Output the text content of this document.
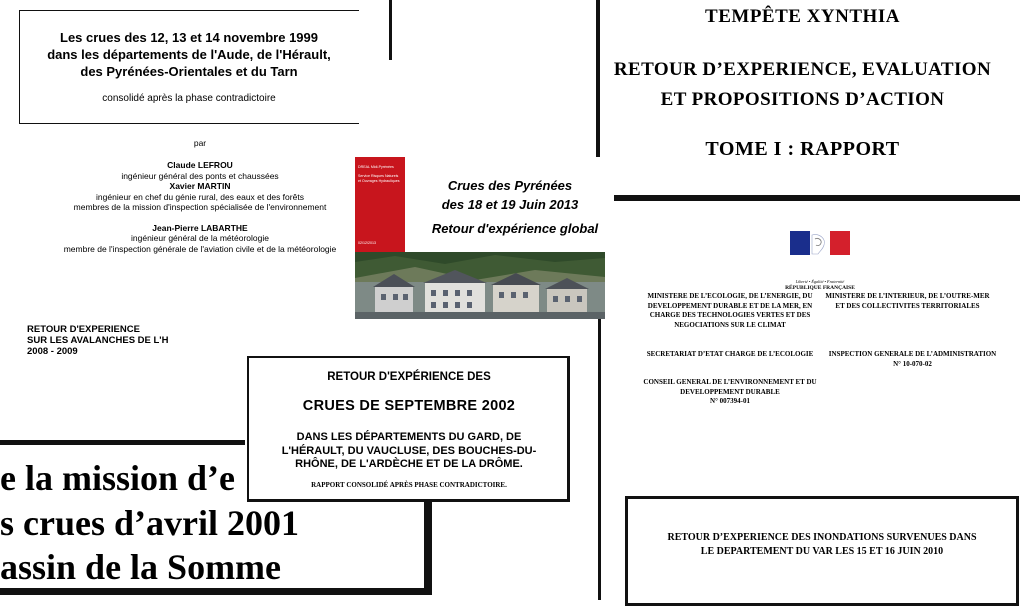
TEMPÊTE XYNTHIA
RETOUR D’EXPERIENCE, EVALUATION
ET PROPOSITIONS D’ACTION
TOME I : RAPPORT
Liberté • Égalité • Fraternité
RÉPUBLIQUE FRANÇAISE
MINISTERE DE L’ECOLOGIE, DE L’ENERGIE, DU DEVELOPPEMENT DURABLE ET DE LA MER, EN CHARGE DES TECHNOLOGIES VERTES ET DES NEGOCIATIONS SUR LE CLIMAT
MINISTERE DE L’INTERIEUR, DE L’OUTRE-MER ET DES COLLECTIVITES TERRITORIALES
SECRETARIAT D’ETAT CHARGE DE L’ECOLOGIE	INSPECTION GENERALE DE L’ADMINISTRATION
N° 10-070-02
CONSEIL GENERAL DE L’ENVIRONNEMENT ET DU
DEVELOPPEMENT DURABLE
N° 007394-01
RETOUR D’EXPERIENCE DES INONDATIONS SURVENUES DANS
LE DEPARTEMENT DU VAR LES 15 ET 16 JUIN 2010
Les crues des 12, 13 et 14 novembre 1999
dans les départements de l'Aude, de l'Hérault,
des Pyrénées-Orientales et du Tarn
consolidé après la phase contradictoire
par
Claude LEFROU
ingénieur général des ponts et chaussées
Xavier MARTIN
ingénieur en chef du génie rural, des eaux et des forêts
membres de la mission d'inspection spécialisée de l'environnement
Jean-Pierre LABARTHE
ingénieur général de la météorologie
membre de l'inspection générale de l'aviation civile et de la météorologie
RETOUR D'EXPERIENCE
SUR LES AVALANCHES DE L'H
2008 - 2009
DREAL Midi-Pyrénées
Service Risques Naturels
et Ouvrages Hydrauliques
02/12/2013
Crues des Pyrénées
des 18 et 19 Juin 2013
Retour d'expérience global
RETOUR D'EXPÉRIENCE DES
CRUES DE SEPTEMBRE 2002
DANS LES DÉPARTEMENTS DU GARD, DE
L'HÉRAULT, DU VAUCLUSE, DES BOUCHES-DU-
RHÔNE, DE L'ARDÈCHE ET DE LA DRÔME.
RAPPORT CONSOLIDÉ APRÈS PHASE CONTRADICTOIRE.
e la mission d’e
s crues d’avril 2001
assin de la Somme
